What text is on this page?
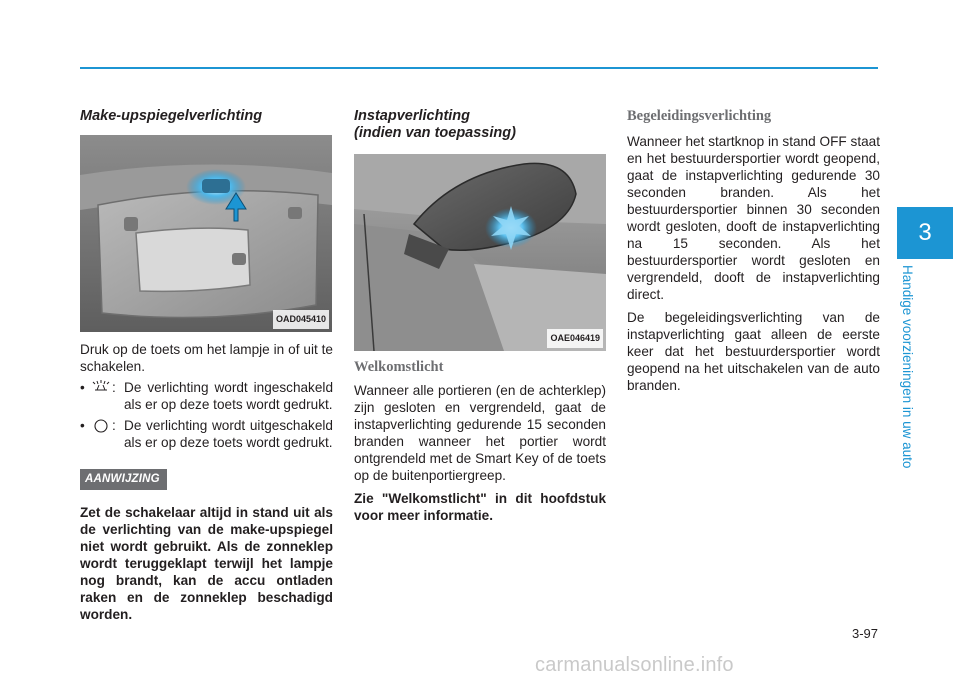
Make-upspiegelverlichting
OAD045410

Druk op de toets om het lampje in of uit te schakelen.

•	: De verlichting wordt ingeschakeld als er op deze toets wordt gedrukt.
•	: De verlichting wordt uitgeschakeld als er op deze toets wordt gedrukt.
AANWIJZING

Zet de schakelaar altijd in stand uit als de verlichting van de make-upspiegel niet wordt gebruikt. Als de zonneklep wordt teruggeklapt terwijl het lampje nog brandt, kan de accu ontladen raken en de zonneklep beschadigd worden.

Instapverlichting
(indien van toepassing)
OAE046419
Welkomstlicht

Wanneer alle portieren (en de achterklep) zijn gesloten en vergrendeld, gaat de instapverlichting gedurende 15 seconden branden wanneer het portier wordt ontgrendeld met de Smart Key of de toets op de buitenportiergreep.

Zie "Welkomstlicht" in dit hoofdstuk voor meer informatie.

Begeleidingsverlichting

Wanneer het startknop in stand OFF staat en het bestuurdersportier wordt geopend, gaat de instapverlichting gedurende 30 seconden branden. Als het bestuurdersportier binnen 30 seconden wordt gesloten, dooft de instapverlichting na 15 seconden. Als het bestuurdersportier wordt gesloten en vergrendeld, dooft de instapverlichting direct.

De begeleidingsverlichting van de instapverlichting gaat alleen de eerste keer dat het bestuurdersportier wordt geopend na het uitschakelen van de auto branden.

3
Handige voorzieningen in uw auto
3-97
carmanualsonline.info
